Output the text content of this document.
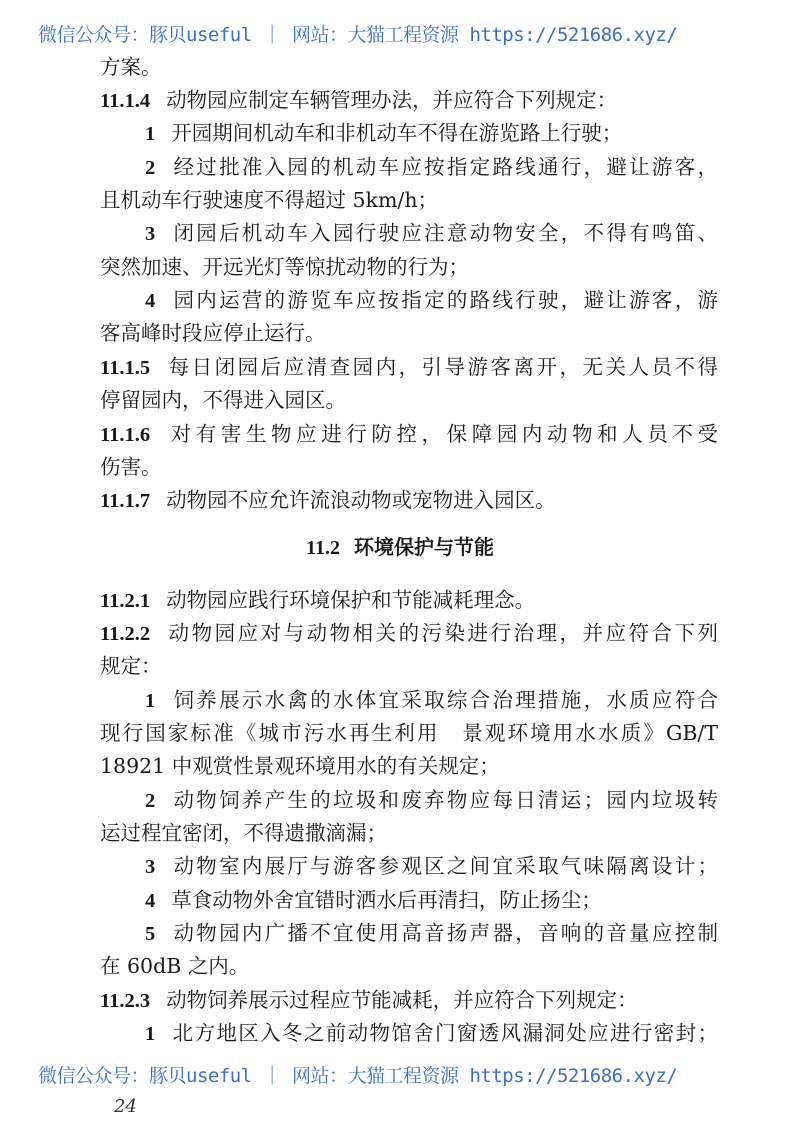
微信公众号：豚贝useful ｜ 网站：大猫工程资源 https://521686.xyz/
方案。
11.1.4 动物园应制定车辆管理办法，并应符合下列规定：
1 开园期间机动车和非机动车不得在游览路上行驶；
2 经过批准入园的机动车应按指定路线通行，避让游客，
且机动车行驶速度不得超过 5km/h；
3 闭园后机动车入园行驶应注意动物安全，不得有鸣笛、
突然加速、开远光灯等惊扰动物的行为；
4 园内运营的游览车应按指定的路线行驶，避让游客，游
客高峰时段应停止运行。
11.1.5 每日闭园后应清查园内，引导游客离开，无关人员不得
停留园内，不得进入园区。
11.1.6 对有害生物应进行防控，保障园内动物和人员不受
伤害。
11.1.7 动物园不应允许流浪动物或宠物进入园区。
11.2.1 动物园应践行环境保护和节能减耗理念。
11.2.2 动物园应对与动物相关的污染进行治理，并应符合下列
规定：
1 饲养展示水禽的水体宜采取综合治理措施，水质应符合
现行国家标准《城市污水再生利用　景观环境用水水质》GB/T
18921 中观赏性景观环境用水的有关规定；
2 动物饲养产生的垃圾和废弃物应每日清运；园内垃圾转
运过程宜密闭，不得遗撒滴漏；
3 动物室内展厅与游客参观区之间宜采取气味隔离设计；
4 草食动物外舍宜错时洒水后再清扫，防止扬尘；
5 动物园内广播不宜使用高音扬声器，音响的音量应控制
在 60dB 之内。
11.2.3 动物饲养展示过程应节能减耗，并应符合下列规定：
1 北方地区入冬之前动物馆舍门窗透风漏洞处应进行密封；
11.2 环境保护与节能
微信公众号：豚贝useful ｜ 网站：大猫工程资源 https://521686.xyz/
24
